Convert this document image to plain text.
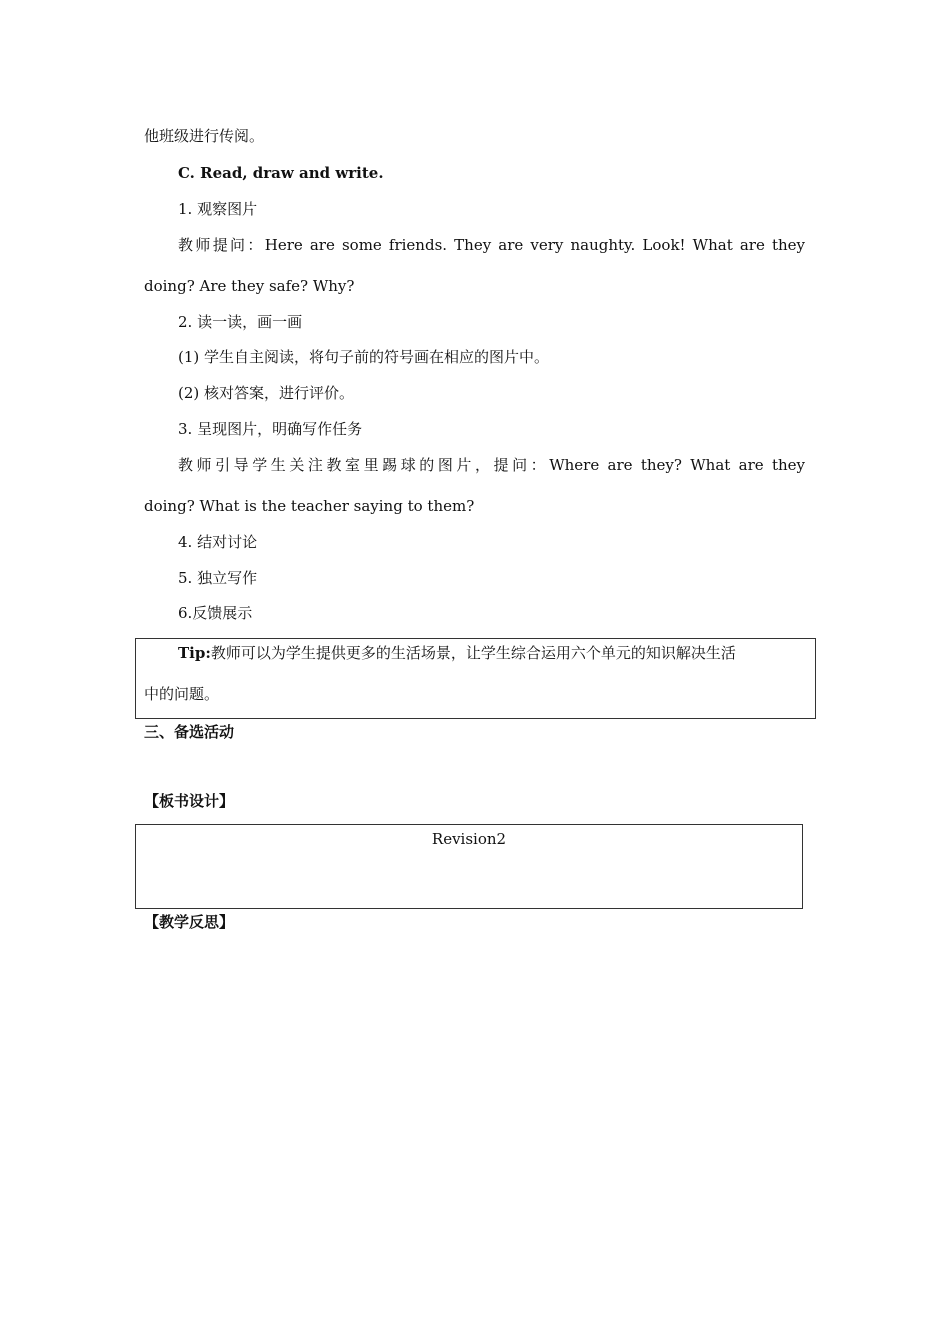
他班级进行传阅。
C. Read, draw and write.
1. 观察图片
教师提问：Here are some friends. They are very naughty. Look! What are they
doing? Are they safe? Why?
2. 读一读，画一画
(1) 学生自主阅读，将句子前的符号画在相应的图片中。
(2) 核对答案，进行评价。
3. 呈现图片，明确写作任务
教师引导学生关注教室里踢球的图片，提问：Where are they? What are they
doing? What is the teacher saying to them?
4. 结对讨论
5. 独立写作
6.反馈展示
Tip:教师可以为学生提供更多的生活场景，让学生综合运用六个单元的知识解决生活
中的问题。
三、备选活动
【板书设计】
Revision2
【教学反思】
